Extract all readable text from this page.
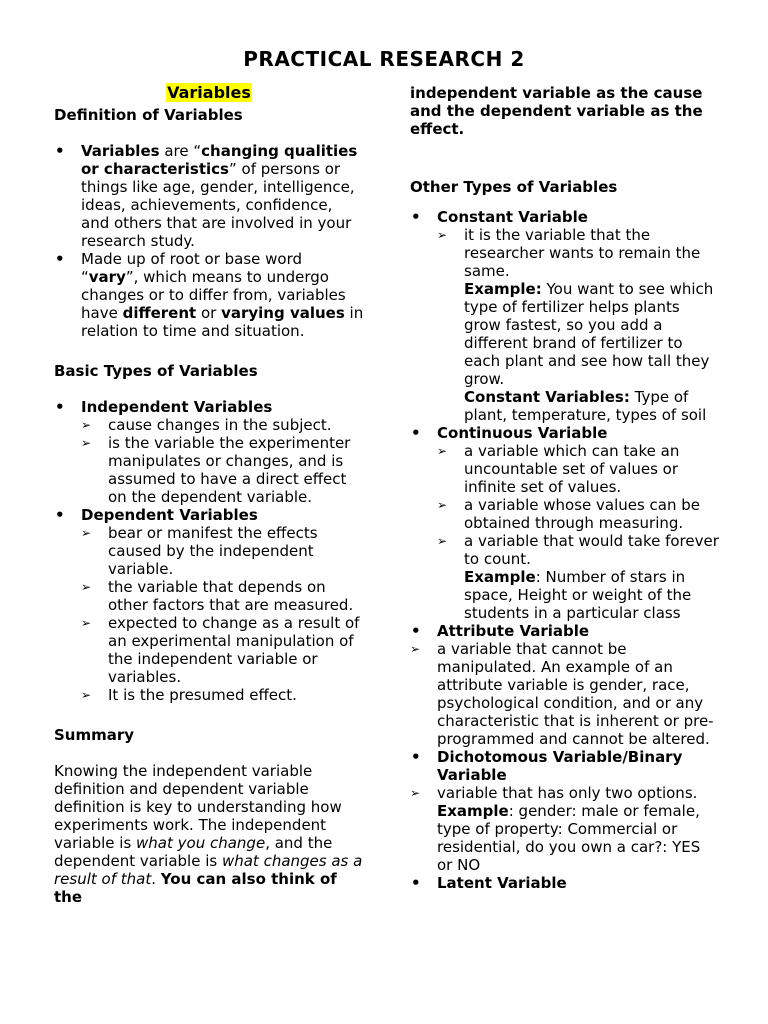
PRACTICAL RESEARCH 2

Variables

Definition of Variables

• Variables are “changing qualities or characteristics” of persons or things like age, gender, intelligence, ideas, achievements, confidence, and others that are involved in your research study.
• Made up of root or base word “vary”, which means to undergo changes or to differ from, variables have different or varying values in relation to time and situation.

Basic Types of Variables

• Independent Variables
➢ cause changes in the subject.
➢ is the variable the experimenter manipulates or changes, and is assumed to have a direct effect on the dependent variable.
• Dependent Variables
➢ bear or manifest the effects caused by the independent variable.
➢ the variable that depends on other factors that are measured.
➢ expected to change as a result of an experimental manipulation of the independent variable or variables.
➢ It is the presumed effect.

Summary

Knowing the independent variable definition and dependent variable definition is key to understanding how experiments work. The independent variable is what you change, and the dependent variable is what changes as a result of that. You can also think of the

independent variable as the cause and the dependent variable as the effect.

Other Types of Variables

• Constant Variable
➢ it is the variable that the researcher wants to remain the same.
Example: You want to see which type of fertilizer helps plants grow fastest, so you add a different brand of fertilizer to each plant and see how tall they grow.
Constant Variables: Type of plant, temperature, types of soil
• Continuous Variable
➢ a variable which can take an uncountable set of values or infinite set of values.
➢ a variable whose values can be obtained through measuring.
➢ a variable that would take forever to count.
Example: Number of stars in space, Height or weight of the students in a particular class
• Attribute Variable
➢ a variable that cannot be manipulated. An example of an attribute variable is gender, race, psychological condition, and or any characteristic that is inherent or pre-programmed and cannot be altered.
• Dichotomous Variable/Binary Variable
➢ variable that has only two options.
Example: gender: male or female, type of property: Commercial or residential, do you own a car?: YES or NO
• Latent Variable
